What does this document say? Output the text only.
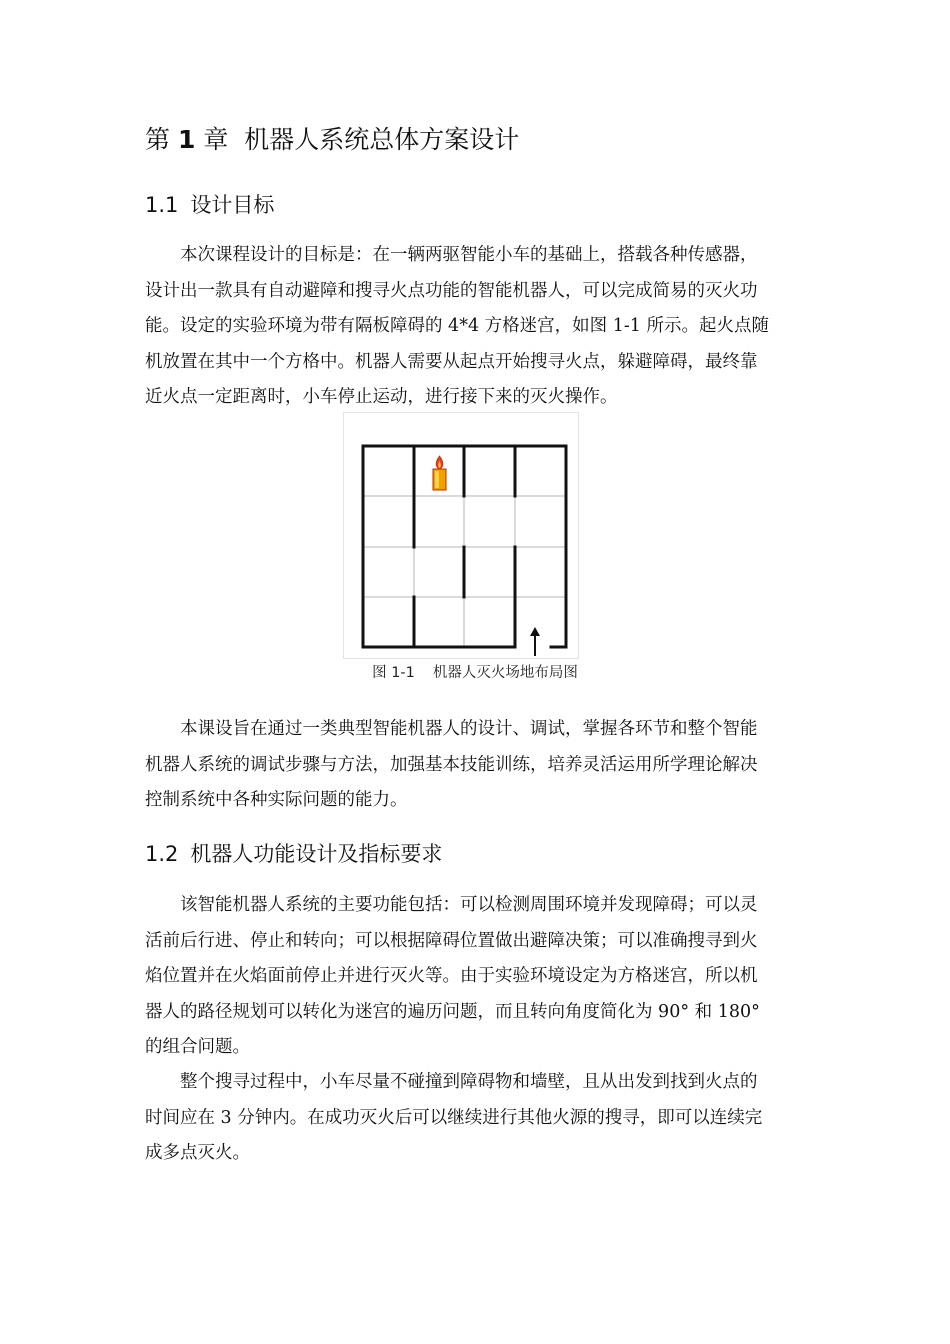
第 1 章 机器人系统总体方案设计
1.1 设计目标

本次课程设计的目标是：在一辆两驱智能小车的基础上，搭载各种传感器，
设计出一款具有自动避障和搜寻火点功能的智能机器人，可以完成简易的灭火功
能。设定的实验环境为带有隔板障碍的 4*4 方格迷宫，如图 1-1 所示。起火点随
机放置在其中一个方格中。机器人需要从起点开始搜寻火点，躲避障碍，最终靠
近火点一定距离时，小车停止运动，进行接下来的灭火操作。

图 1-1 机器人灭火场地布局图

本课设旨在通过一类典型智能机器人的设计、调试，掌握各环节和整个智能
机器人系统的调试步骤与方法，加强基本技能训练，培养灵活运用所学理论解决
控制系统中各种实际问题的能力。

1.2 机器人功能设计及指标要求

该智能机器人系统的主要功能包括：可以检测周围环境并发现障碍；可以灵
活前后行进、停止和转向；可以根据障碍位置做出避障决策；可以准确搜寻到火
焰位置并在火焰面前停止并进行灭火等。由于实验环境设定为方格迷宫，所以机
器人的路径规划可以转化为迷宫的遍历问题，而且转向角度简化为 90° 和 180°
的组合问题。

整个搜寻过程中，小车尽量不碰撞到障碍物和墙壁，且从出发到找到火点的
时间应在 3 分钟内。在成功灭火后可以继续进行其他火源的搜寻，即可以连续完
成多点灭火。
